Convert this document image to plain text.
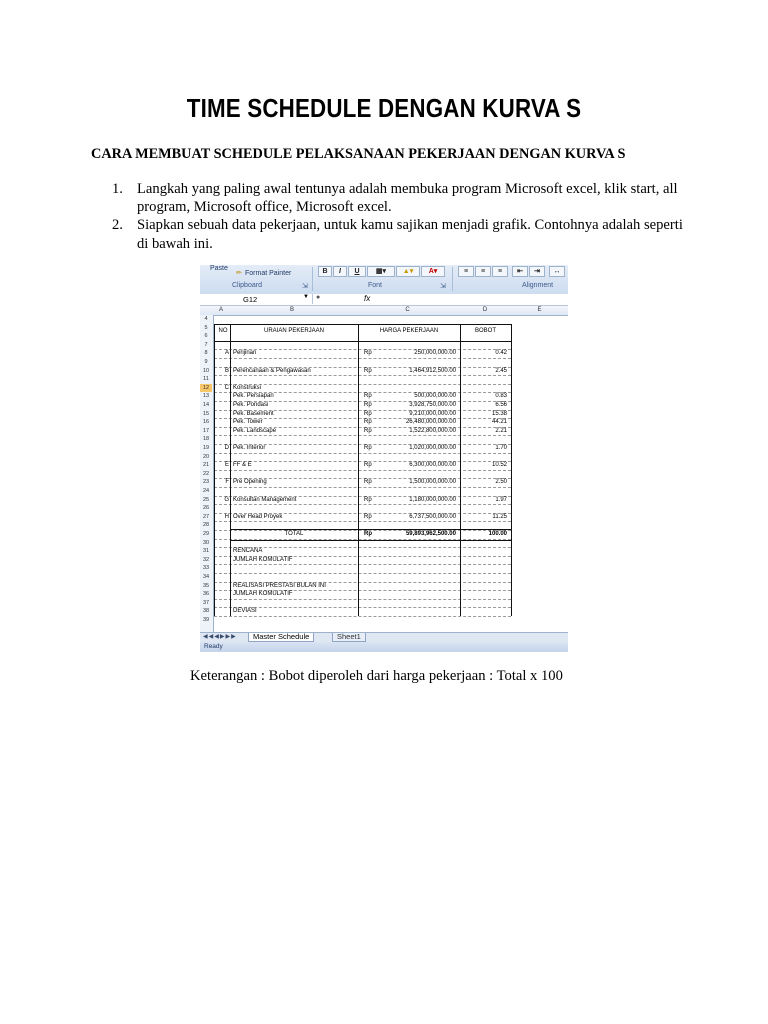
TIME SCHEDULE DENGAN KURVA S
CARA MEMBUAT SCHEDULE PELAKSANAAN PEKERJAAN DENGAN KURVA S
1. Langkah yang paling awal tentunya adalah membuka program Microsoft excel, klik start, all program, Microsoft office, Microsoft excel.
2. Siapkan sebuah data pekerjaan, untuk kamu sajikan menjadi grafik. Contohnya adalah seperti di bawah ini.
Paste
✏ Format Painter	B	I	U	▦▾	▲▾	A▾	≡	≡	≡	⇤	⇥	↔
Clipboard	⇲	Font	⇲	Alignment
G12	▼ ●	fx
A	B	C	D	E
4
5
6
7
8
9
10
11
12
13
14
15
16
17
18
19
20
21
22
23
24
25
26
27
28
29
30
31
32
33
34
35
36
37
38
39
NO	URAIAN PEKERJAAN	HARGA PEKERJAAN	BOBOT
A Perijinan	Rp	250,000,000.00	0.42
B Perencanaan & Pengawasan	Rp	1,464,912,500.00	2.45
C Konstruksi
Pek. Persiapan	Rp	500,000,000.00	0.83
Pek. Pondasi	Rp	3,928,750,000.00	6.56
Pek. Basement	Rp	9,210,000,000.00	15.38
Pek. Tower	Rp	26,480,000,000.00	44.21
Pek. Landscape	Rp	1,522,800,000.00	2.21
D Pek. Interior	Rp	1,020,000,000.00	1.70
E FF & E	Rp	6,300,000,000.00	10.52
F Pre Opening	Rp	1,500,000,000.00	2.50
G Konsultan Management	Rp	1,180,000,000.00	1.97
H Over Head Proyek	Rp	6,737,500,000.00	11.25
TOTAL	Rp	59,893,962,500.00	100.00
RENCANA
JUMLAH KOMULATIF
REALISASI PRESTASI BULAN INI
JUMLAH KOMULATIF
DEVIASI
◀◀◀▶▶▶	Master Schedule	Sheet1
Ready
Keterangan : Bobot diperoleh dari harga pekerjaan : Total x 100
